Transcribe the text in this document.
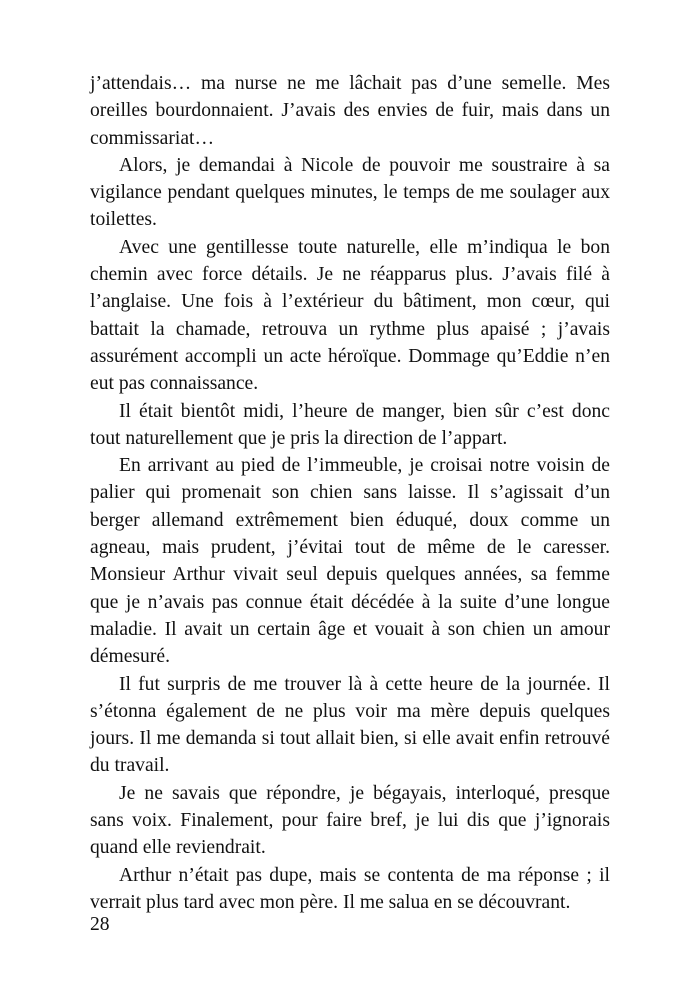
j’attendais… ma nurse ne me lâchait pas d’une semelle. Mes oreilles bourdonnaient. J’avais des envies de fuir, mais dans un commissariat…

Alors, je demandai à Nicole de pouvoir me soustraire à sa vigilance pendant quelques minutes, le temps de me soulager aux toilettes.

Avec une gentillesse toute naturelle, elle m’indiqua le bon chemin avec force détails. Je ne réapparus plus. J’avais filé à l’anglaise. Une fois à l’extérieur du bâtiment, mon cœur, qui battait la chamade, retrouva un rythme plus apaisé ; j’avais assurément accompli un acte héroïque. Dommage qu’Eddie n’en eut pas connaissance.

Il était bientôt midi, l’heure de manger, bien sûr c’est donc tout naturellement que je pris la direction de l’appart.

En arrivant au pied de l’immeuble, je croisai notre voisin de palier qui promenait son chien sans laisse. Il s’agissait d’un berger allemand extrêmement bien éduqué, doux comme un agneau, mais prudent, j’évitai tout de même de le caresser. Monsieur Arthur vivait seul depuis quelques années, sa femme que je n’avais pas connue était décédée à la suite d’une longue maladie. Il avait un certain âge et vouait à son chien un amour démesuré.

Il fut surpris de me trouver là à cette heure de la journée. Il s’étonna également de ne plus voir ma mère depuis quelques jours. Il me demanda si tout allait bien, si elle avait enfin retrouvé du travail.

Je ne savais que répondre, je bégayais, interloqué, presque sans voix. Finalement, pour faire bref, je lui dis que j’ignorais quand elle reviendrait.

Arthur n’était pas dupe, mais se contenta de ma réponse ; il verrait plus tard avec mon père. Il me salua en se découvrant.

28
